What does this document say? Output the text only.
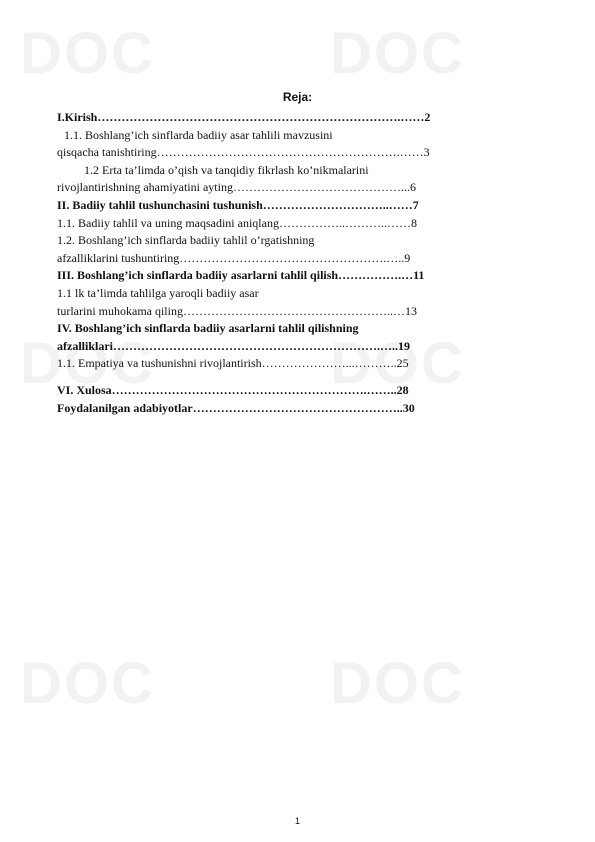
DOC	DOC
DOC	DOC
DOC	DOC
Reja:
I.Kirish………………………………………………………………….……2
1.1. Boshlang’ich sinflarda badiiy asar tahlili mavzusini
qisqacha tanishtiring…………………………………………………….……3
1.2 Erta ta’limda o’qish va tanqidiy fikrlash ko’nikmalarini
rivojlantirishning ahamiyatini ayting……………………………………...6
II. Badiiy tahlil tushunchasini tushunish…………………………..……7
1.1. Badiiy tahlil va uning maqsadini aniqlang……………..………..……8
1.2. Boshlang’ich sinflarda badiiy tahlil o’rgatishning
afzalliklarini tushuntiring…………………………………………….…..9
III. Boshlang’ich sinflarda badiiy asarlarni tahlil qilish…………….…11
1.1 lk ta’limda tahlilga yaroqli badiiy asar
turlarini muhokama qiling……………………………………………..…13
IV. Boshlang’ich sinflarda badiiy asarlarni tahlil qilishning
afzalliklari………………………………………………………….…..19
1.1. Empatiya va tushunishni rivojlantirish…………………...………..25
VI. Xulosa……………………………………………………….……..28
Foydalanilgan adabiyotlar……………………………………………..30
1
